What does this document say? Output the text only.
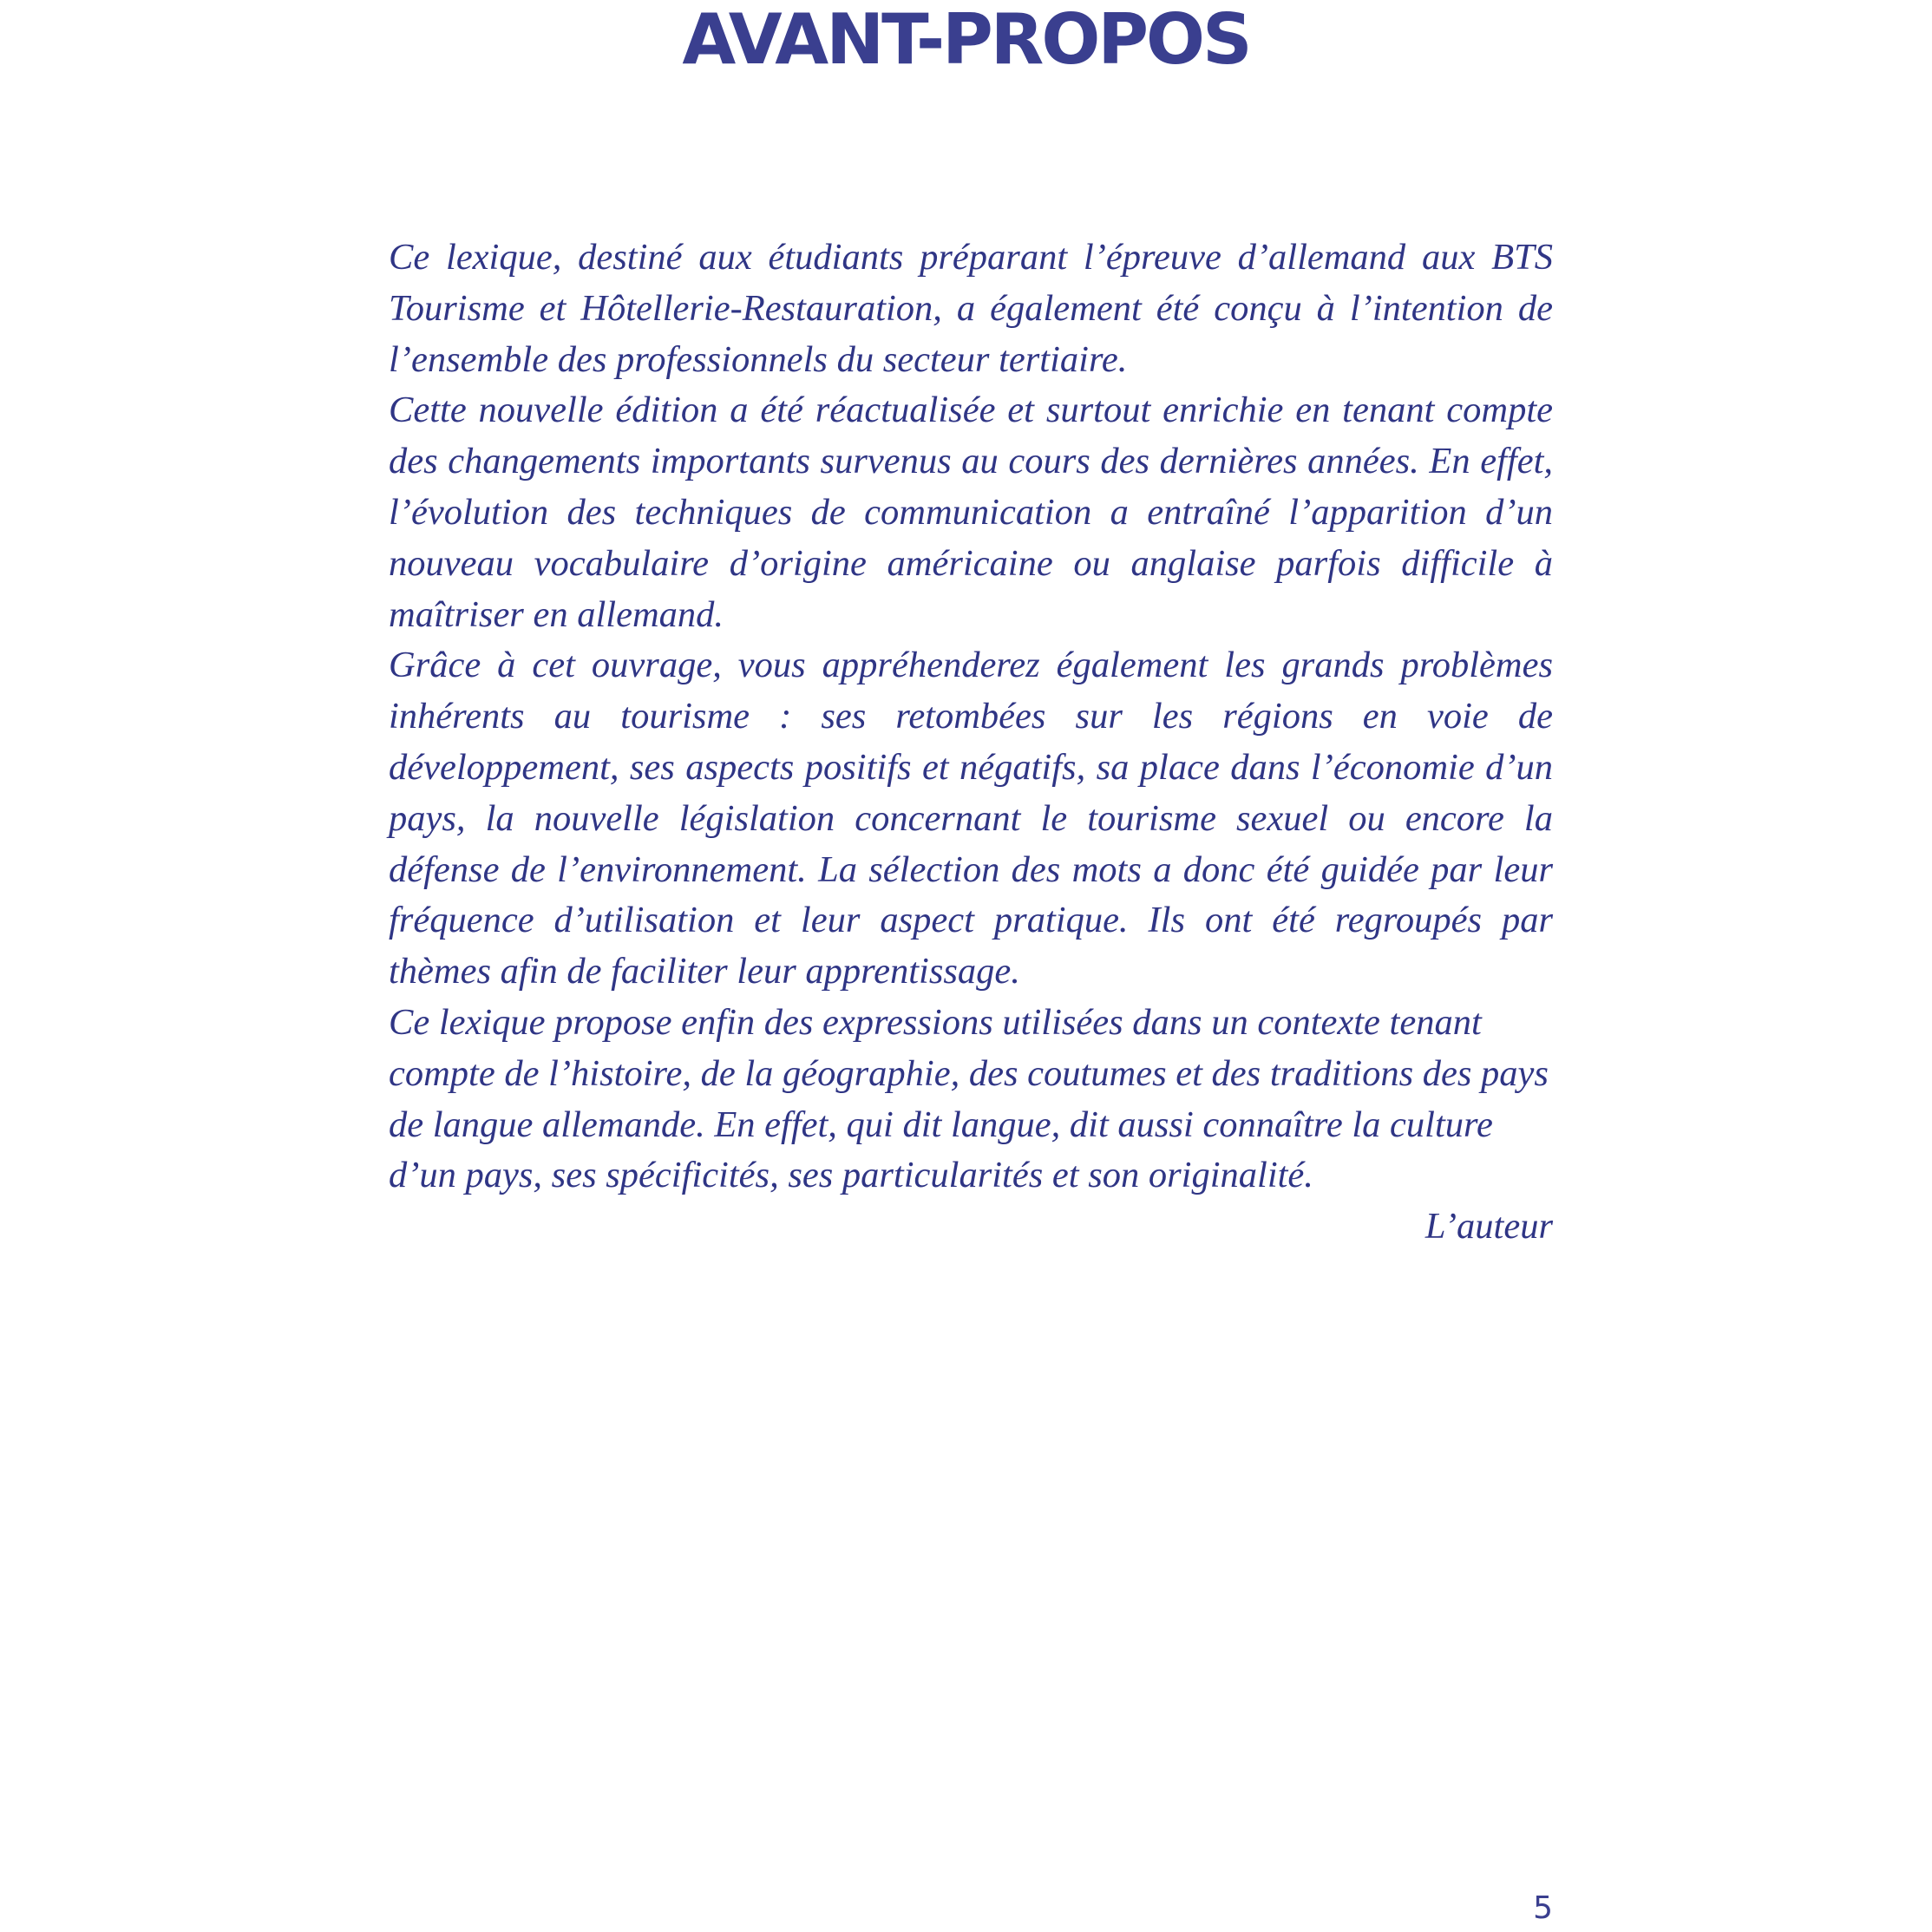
AVANT-PROPOS

Ce lexique, destiné aux étudiants préparant l’épreuve d’allemand aux BTS Tourisme et Hôtellerie-Restauration, a également été conçu à l’intention de l’ensemble des professionnels du secteur tertiaire.

Cette nouvelle édition a été réactualisée et surtout enrichie en tenant compte des changements importants survenus au cours des dernières années. En effet, l’évolution des techniques de communication a entraîné l’apparition d’un nouveau vocabulaire d’origine américaine ou anglaise parfois difficile à maîtriser en allemand.

Grâce à cet ouvrage, vous appréhenderez également les grands problèmes inhérents au tourisme : ses retombées sur les régions en voie de développement, ses aspects positifs et négatifs, sa place dans l’économie d’un pays, la nouvelle législation concernant le tourisme sexuel ou encore la défense de l’environnement. La sélection des mots a donc été guidée par leur fréquence d’utilisation et leur aspect pratique. Ils ont été regroupés par thèmes afin de faciliter leur apprentissage.

Ce lexique propose enfin des expressions utilisées dans un contexte tenant compte de l’histoire, de la géographie, des coutumes et des traditions des pays de langue allemande. En effet, qui dit langue, dit aussi connaître la culture d’un pays, ses spécificités, ses particularités et son originalité.

L’auteur

5
